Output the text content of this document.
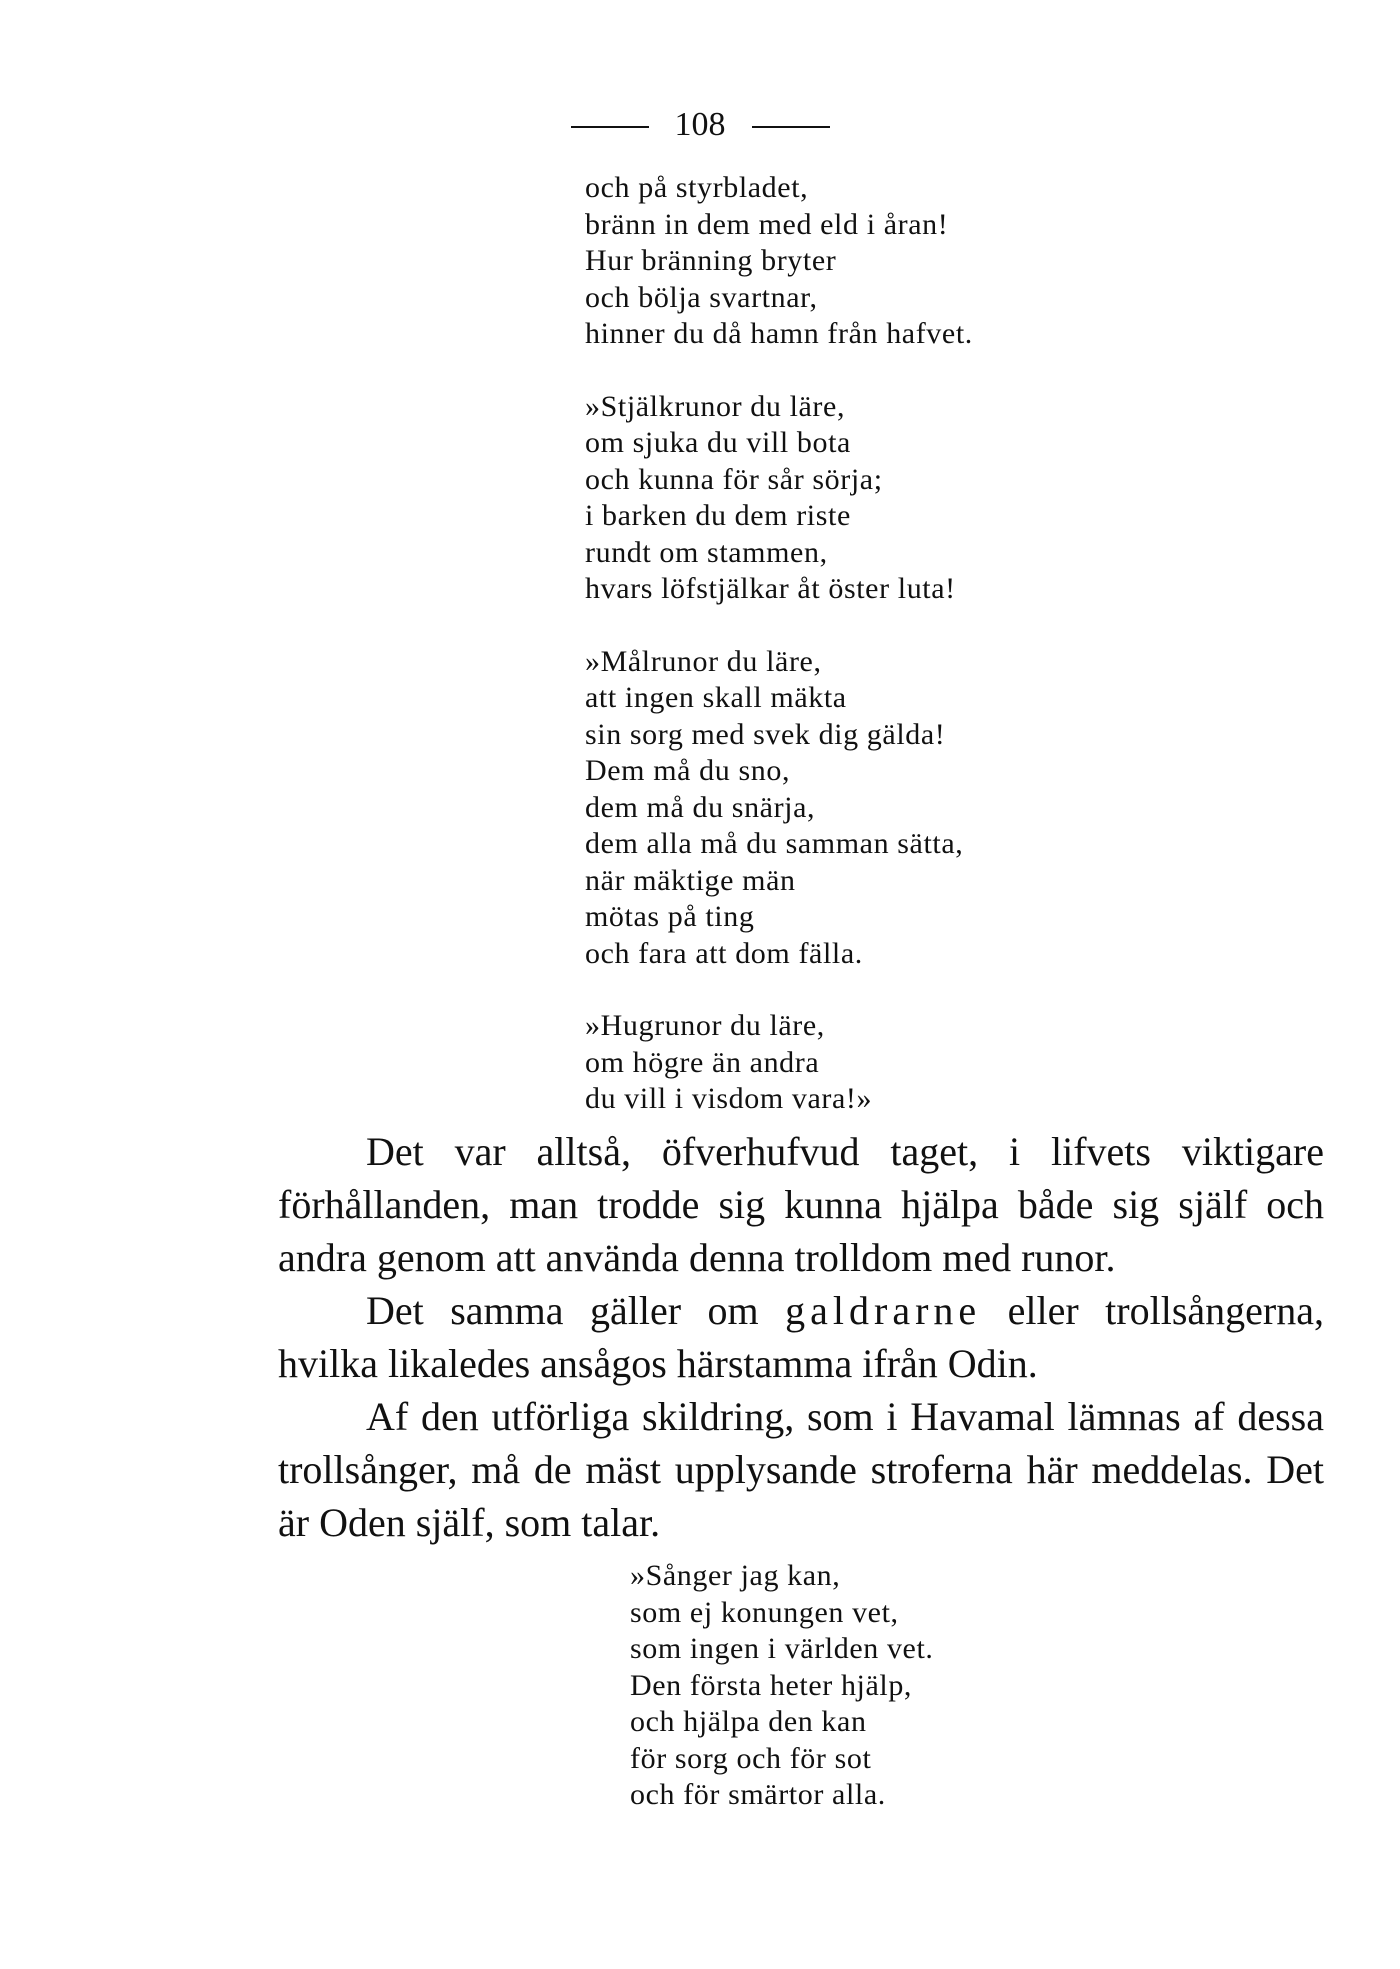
108
och på styrbladet,
bränn in dem med eld i åran!
Hur bränning bryter
och bölja svartnar,
hinner du då hamn från hafvet.
»Stjälkrunor du läre,
om sjuka du vill bota
och kunna för sår sörja;
i barken du dem riste
rundt om stammen,
hvars löfstjälkar åt öster luta!
»Målrunor du läre,
att ingen skall mäkta
sin sorg med svek dig gälda!
Dem må du sno,
dem må du snärja,
dem alla må du samman sätta,
när mäktige män
mötas på ting
och fara att dom fälla.
»Hugrunor du läre,
om högre än andra
du vill i visdom vara!»

Det var alltså, öfverhufvud taget, i lifvets viktigare förhållanden, man trodde sig kunna hjälpa både sig själf och andra genom att använda denna trolldom med runor.

Det samma gäller om galdrarne eller trollsångerna, hvilka likaledes ansågos härstamma ifrån Odin.

Af den utförliga skildring, som i Havamal lämnas af dessa trollsånger, må de mäst upplysande stroferna här meddelas. Det är Oden själf, som talar.

»Sånger jag kan,
som ej konungen vet,
som ingen i världen vet.
Den första heter hjälp,
och hjälpa den kan
för sorg och för sot
och för smärtor alla.
